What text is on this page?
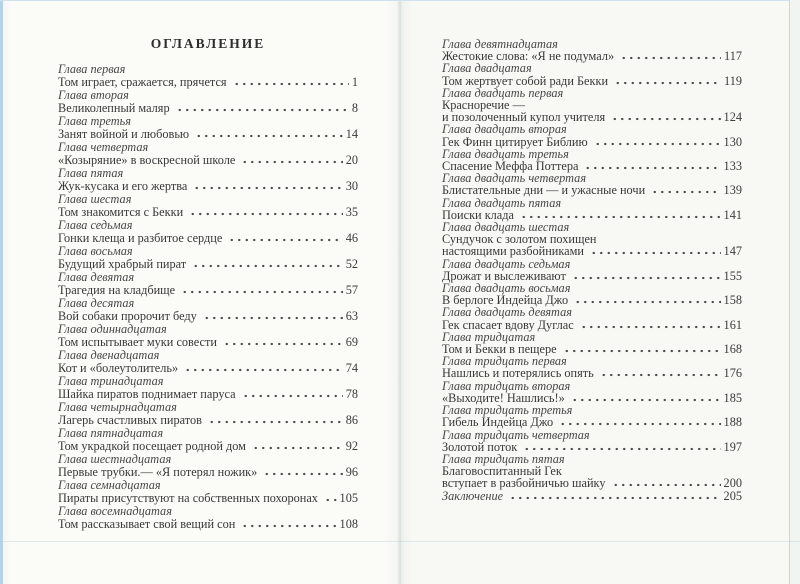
ОГЛАВЛЕНИЕ
Глава первая
Том играет, сражается, прячется	1
Глава вторая
Великолепный маляр	8
Глава третья
Занят войной и любовью	14
Глава четвертая
«Козыряние» в воскресной школе	20
Глава пятая
Жук-кусака и его жертва	30
Глава шестая
Том знакомится с Бекки	35
Глава седьмая
Гонки клеща и разбитое сердце	46
Глава восьмая
Будущий храбрый пират	52
Глава девятая
Трагедия на кладбище	57
Глава десятая
Вой собаки пророчит беду	63
Глава одиннадцатая
Том испытывает муки совести	69
Глава двенадцатая
Кот и «болеутолитель»	74
Глава тринадцатая
Шайка пиратов поднимает паруса	78
Глава четырнадцатая
Лагерь счастливых пиратов	86
Глава пятнадцатая
Том украдкой посещает родной дом	92
Глава шестнадцатая
Первые трубки.— «Я потерял ножик»	96
Глава семнадцатая
Пираты присутствуют на собственных похоронах 105
Глава восемнадцатая
Том рассказывает свой вещий сон	108
Глава девятнадцатая
Жестокие слова: «Я не подумал»	117
Глава двадцатая
Том жертвует собой ради Бекки	119
Глава двадцать первая
Красноречие —
и позолоченный купол учителя	124
Глава двадцать вторая
Гек Финн цитирует Библию	130
Глава двадцать третья
Спасение Меффа Поттера	133
Глава двадцать четвертая
Блистательные дни — и ужасные ночи	139
Глава двадцать пятая
Поиски клада	141
Глава двадцать шестая
Сундучок с золотом похищен
настоящими разбойниками	147
Глава двадцать седьмая
Дрожат и выслеживают	155
Глава двадцать восьмая
В берлоге Индейца Джо	158
Глава двадцать девятая
Гек спасает вдову Дуглас	161
Глава тридцатая
Том и Бекки в пещере	168
Глава тридцать первая
Нашлись и потерялись опять	176
Глава тридцать вторая
«Выходите! Нашлись!»	185
Глава тридцать третья
Гибель Индейца Джо	188
Глава тридцать четвертая
Золотой поток	197
Глава тридцать пятая
Благовоспитанный Гек
вступает в разбойничью шайку	200
Заключение	205
